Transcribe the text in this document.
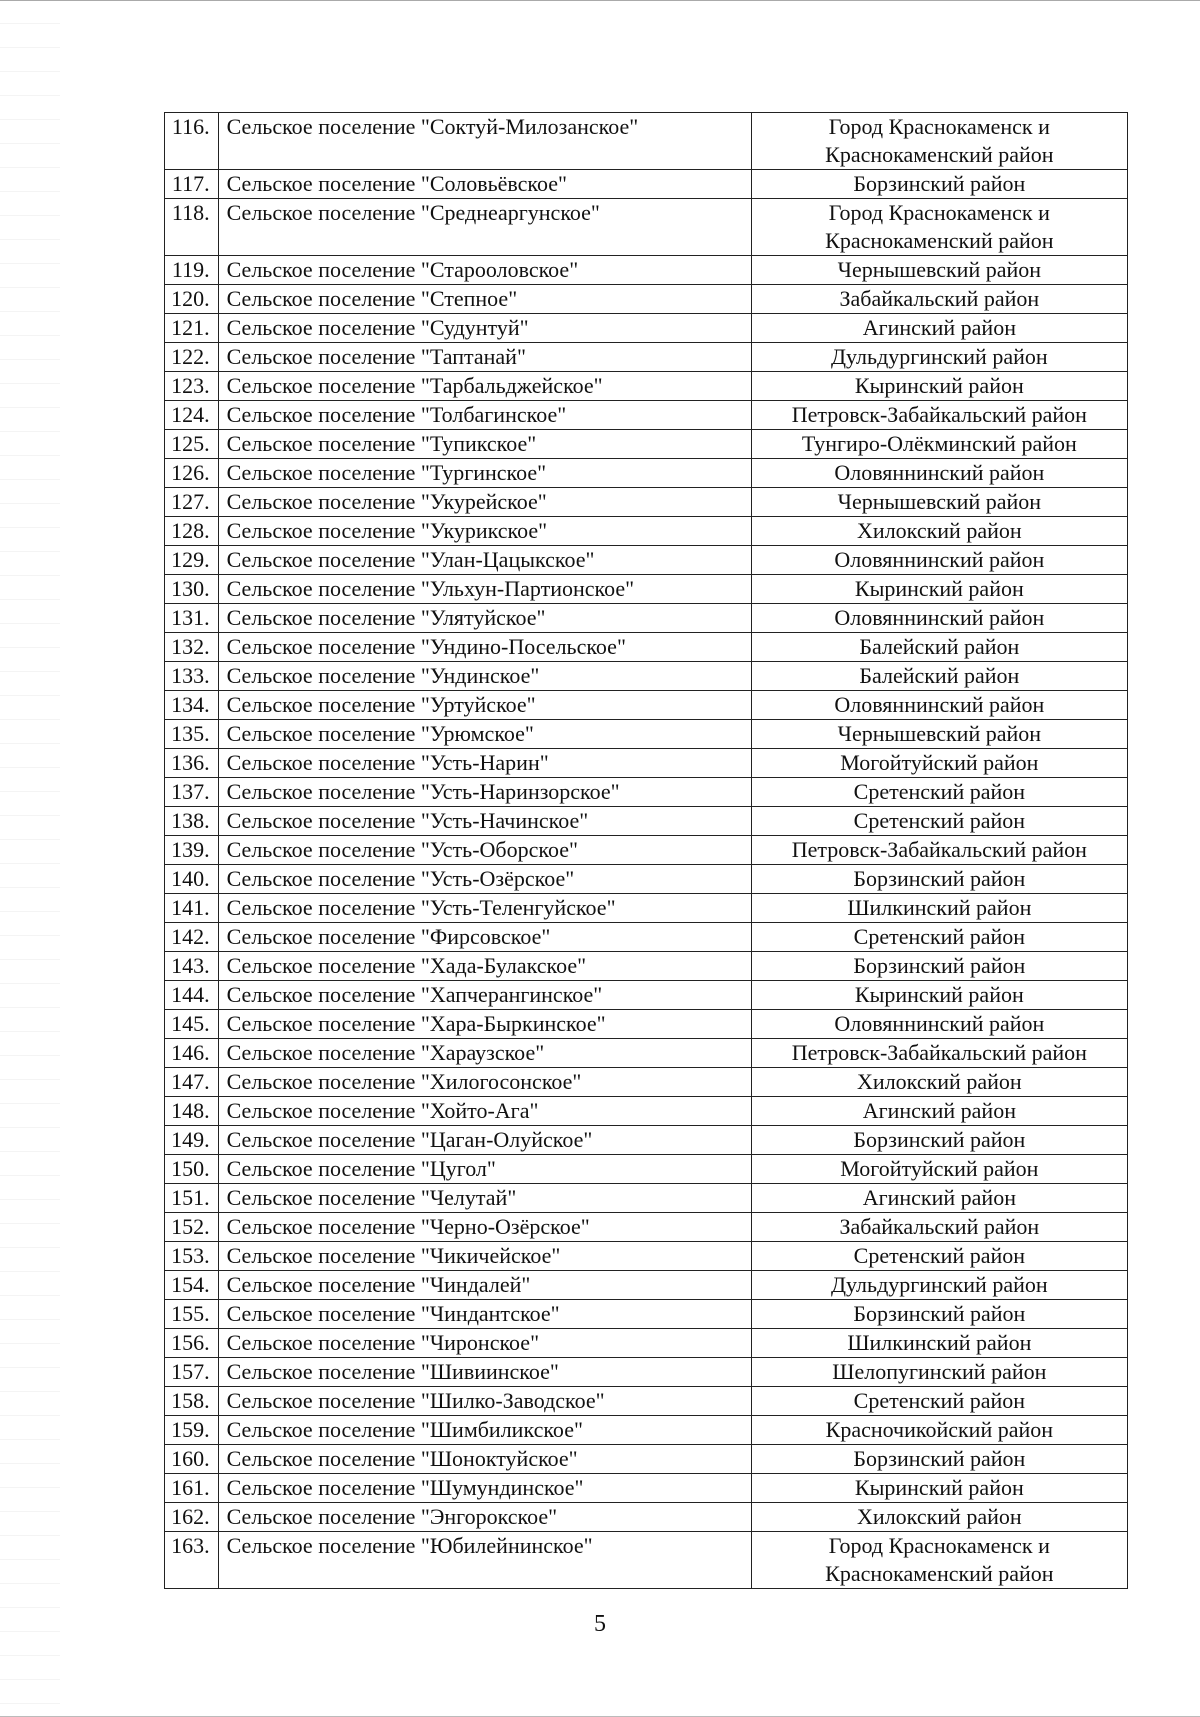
116.	Сельское поселение "Соктуй-Милозанское"	Город Краснокаменск и Краснокаменский район
117.	Сельское поселение "Соловьёвское"	Борзинский район
118.	Сельское поселение "Среднеаргунское"	Город Краснокаменск и Краснокаменский район
119.	Сельское поселение "Старооловское"	Чернышевский район
120.	Сельское поселение "Степное"	Забайкальский район
121.	Сельское поселение "Судунтуй"	Агинский район
122.	Сельское поселение "Таптанай"	Дульдургинский район
123.	Сельское поселение "Тарбальджейское"	Кыринский район
124.	Сельское поселение "Толбагинское"	Петровск-Забайкальский район
125.	Сельское поселение "Тупикское"	Тунгиро-Олёкминский район
126.	Сельское поселение "Тургинское"	Оловяннинский район
127.	Сельское поселение "Укурейское"	Чернышевский район
128.	Сельское поселение "Укурикское"	Хилокский район
129.	Сельское поселение "Улан-Цацыкское"	Оловяннинский район
130.	Сельское поселение "Ульхун-Партионское"	Кыринский район
131.	Сельское поселение "Улятуйское"	Оловяннинский район
132.	Сельское поселение "Ундино-Посельское"	Балейский район
133.	Сельское поселение "Ундинское"	Балейский район
134.	Сельское поселение "Уртуйское"	Оловяннинский район
135.	Сельское поселение "Урюмское"	Чернышевский район
136.	Сельское поселение "Усть-Нарин"	Могойтуйский район
137.	Сельское поселение "Усть-Наринзорское"	Сретенский район
138.	Сельское поселение "Усть-Начинское"	Сретенский район
139.	Сельское поселение "Усть-Оборское"	Петровск-Забайкальский район
140.	Сельское поселение "Усть-Озёрское"	Борзинский район
141.	Сельское поселение "Усть-Теленгуйское"	Шилкинский район
142.	Сельское поселение "Фирсовское"	Сретенский район
143.	Сельское поселение "Хада-Булакское"	Борзинский район
144.	Сельское поселение "Хапчерангинское"	Кыринский район
145.	Сельское поселение "Хара-Быркинское"	Оловяннинский район
146.	Сельское поселение "Хараузское"	Петровск-Забайкальский район
147.	Сельское поселение "Хилогосонское"	Хилокский район
148.	Сельское поселение "Хойто-Ага"	Агинский район
149.	Сельское поселение "Цаган-Олуйское"	Борзинский район
150.	Сельское поселение "Цугол"	Могойтуйский район
151.	Сельское поселение "Челутай"	Агинский район
152.	Сельское поселение "Черно-Озёрское"	Забайкальский район
153.	Сельское поселение "Чикичейское"	Сретенский район
154.	Сельское поселение "Чиндалей"	Дульдургинский район
155.	Сельское поселение "Чиндантское"	Борзинский район
156.	Сельское поселение "Чиронское"	Шилкинский район
157.	Сельское поселение "Шивиинское"	Шелопугинский район
158.	Сельское поселение "Шилко-Заводское"	Сретенский район
159.	Сельское поселение "Шимбиликское"	Красночикойский район
160.	Сельское поселение "Шоноктуйское"	Борзинский район
161.	Сельское поселение "Шумундинское"	Кыринский район
162.	Сельское поселение "Энгорокское"	Хилокский район
163.	Сельское поселение "Юбилейнинское"	Город Краснокаменск и Краснокаменский район
5
